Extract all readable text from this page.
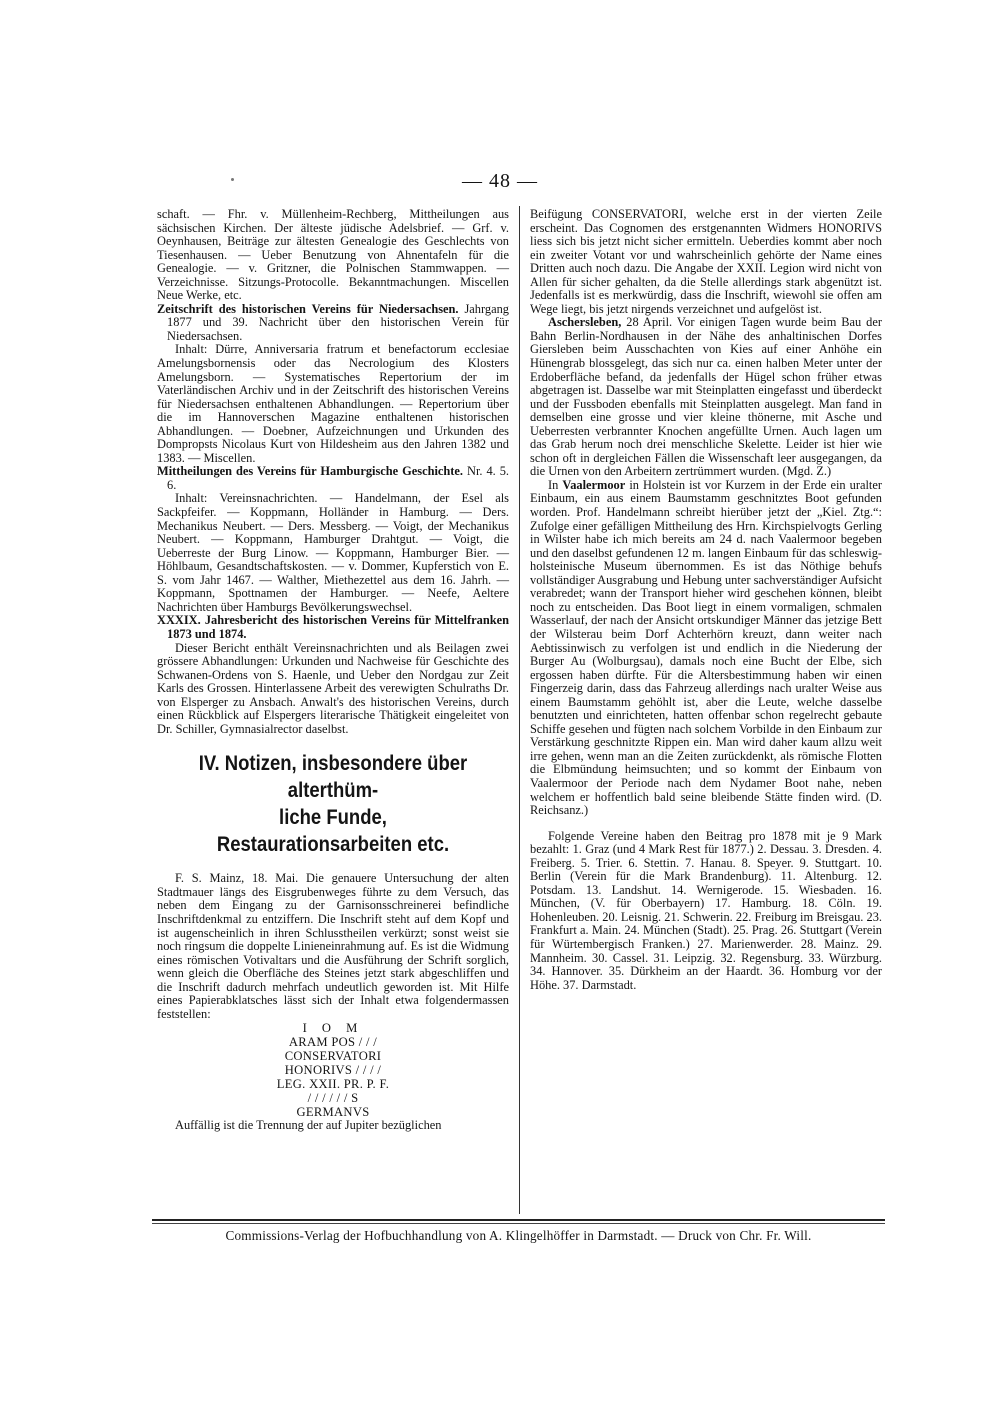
— 48 —

schaft. — Fhr. v. Müllenheim-Rechberg, Mittheilungen aus sächsischen Kirchen. Der älteste jüdische Adelsbrief. — Grf. v. Oeynhausen, Beiträge zur ältesten Genealogie des Geschlechts von Tiesenhausen. — Ueber Benutzung von Ahnentafeln für die Genealogie. — v. Gritzner, die Polnischen Stammwappen. — Verzeichnisse. Sitzungs-Protocolle. Bekanntmachungen. Miscellen Neue Werke, etc.

Zeitschrift des historischen Vereins für Niedersachsen. Jahrgang 1877 und 39. Nachricht über den historischen Verein für Niedersachsen.

Inhalt: Dürre, Anniversaria fratrum et benefactorum ecclesiae Amelungsbornensis oder das Necrologium des Klosters Amelungsborn. — Systematisches Repertorium der im Vaterländischen Archiv und in der Zeitschrift des historischen Vereins für Niedersachsen enthaltenen Abhandlungen. — Repertorium über die im Hannoverschen Magazine enthaltenen historischen Abhandlungen. — Doebner, Aufzeichnungen und Urkunden des Dompropsts Nicolaus Kurt von Hildesheim aus den Jahren 1382 und 1383. — Miscellen.

Mittheilungen des Vereins für Hamburgische Geschichte. Nr. 4. 5. 6.

Inhalt: Vereinsnachrichten. — Handelmann, der Esel als Sackpfeifer. — Koppmann, Holländer in Hamburg. — Ders. Mechanikus Neubert. — Ders. Messberg. — Voigt, der Mechanikus Neubert. — Koppmann, Hamburger Drahtgut. — Voigt, die Ueberreste der Burg Linow. — Koppmann, Hamburger Bier. — Höhlbaum, Gesandtschaftskosten. — v. Dommer, Kupferstich von E. S. vom Jahr 1467. — Walther, Miethezettel aus dem 16. Jahrh. — Koppmann, Spottnamen der Hamburger. — Neefe, Aeltere Nachrichten über Hamburgs Bevölkerungswechsel.

XXXIX. Jahresbericht des historischen Vereins für Mittelfranken 1873 und 1874.

Dieser Bericht enthält Vereinsnachrichten und als Beilagen zwei grössere Abhandlungen: Urkunden und Nachweise für Geschichte des Schwanen-Ordens von S. Haenle, und Ueber den Nordgau zur Zeit Karls des Grossen. Hinterlassene Arbeit des verewigten Schulraths Dr. von Elsperger zu Ansbach. Anwalt's des historischen Vereins, durch einen Rückblick auf Elspergers literarische Thätigkeit eingeleitet von Dr. Schiller, Gymnasialrector daselbst.

IV. Notizen, insbesondere über alterthüm-
liche Funde, Restaurationsarbeiten etc.

F. S. Mainz, 18. Mai. Die genauere Untersuchung der alten Stadtmauer längs des Eisgrubenweges führte zu dem Versuch, das neben dem Eingang zu der Garnisonsschreinerei befindliche Inschriftdenkmal zu entziffern. Die Inschrift steht auf dem Kopf und ist augenscheinlich in ihren Schlusstheilen verkürzt; sonst weist sie noch ringsum die doppelte Linieneinrahmung auf. Es ist die Widmung eines römischen Votivaltars und die Ausführung der Schrift sorglich, wenn gleich die Oberfläche des Steines jetzt stark abgeschliffen und die Inschrift dadurch mehrfach undeutlich geworden ist. Mit Hilfe eines Papierabklatsches lässt sich der Inhalt etwa folgendermassen feststellen:

I O M
ARAM POS / / /
CONSERVATORI
HONORIVS / / / /
LEG. XXII. PR. P. F.
/ / / / / / S
GERMANVS

Auffällig ist die Trennung der auf Jupiter bezüglichen

Beifügung CONSERVATORI, welche erst in der vierten Zeile erscheint. Das Cognomen des erstgenannten Widmers HONORIVS liess sich bis jetzt nicht sicher ermitteln. Ueberdies kommt aber noch ein zweiter Votant vor und wahrscheinlich gehörte der Name eines Dritten auch noch dazu. Die Angabe der XXII. Legion wird nicht von Allen für sicher gehalten, da die Stelle allerdings stark abgenützt ist. Jedenfalls ist es merkwürdig, dass die Inschrift, wiewohl sie offen am Wege liegt, bis jetzt nirgends verzeichnet und aufgelöst ist.

Aschersleben, 28 April. Vor einigen Tagen wurde beim Bau der Bahn Berlin-Nordhausen in der Nähe des anhaltinischen Dorfes Giersleben beim Ausschachten von Kies auf einer Anhöhe ein Hünengrab blossgelegt, das sich nur ca. einen halben Meter unter der Erdoberfläche befand, da jedenfalls der Hügel schon früher etwas abgetragen ist. Dasselbe war mit Steinplatten eingefasst und überdeckt und der Fussboden ebenfalls mit Steinplatten ausgelegt. Man fand in demselben eine grosse und vier kleine thönerne, mit Asche und Ueberresten verbrannter Knochen angefüllte Urnen. Auch lagen um das Grab herum noch drei menschliche Skelette. Leider ist hier wie schon oft in dergleichen Fällen die Wissenschaft leer ausgegangen, da die Urnen von den Arbeitern zertrümmert wurden. (Mgd. Z.)

In Vaalermoor in Holstein ist vor Kurzem in der Erde ein uralter Einbaum, ein aus einem Baumstamm geschnitztes Boot gefunden worden. Prof. Handelmann schreibt hierüber jetzt der „Kiel. Ztg.“: Zufolge einer gefälligen Mittheilung des Hrn. Kirchspielvogts Gerling in Wilster habe ich mich bereits am 24 d. nach Vaalermoor begeben und den daselbst gefundenen 12 m. langen Einbaum für das schleswig-holsteinische Museum übernommen. Es ist das Nöthige behufs vollständiger Ausgrabung und Hebung unter sachverständiger Aufsicht verabredet; wann der Transport hieher wird geschehen können, bleibt noch zu entscheiden. Das Boot liegt in einem vormaligen, schmalen Wasserlauf, der nach der Ansicht ortskundiger Männer das jetzige Bett der Wilsterau beim Dorf Achterhörn kreuzt, dann weiter nach Aebtissinwisch zu verfolgen ist und endlich in die Niederung der Burger Au (Wolburgsau), damals noch eine Bucht der Elbe, sich ergossen haben dürfte. Für die Altersbestimmung haben wir einen Fingerzeig darin, dass das Fahrzeug allerdings nach uralter Weise aus einem Baumstamm gehöhlt ist, aber die Leute, welche dasselbe benutzten und einrichteten, hatten offenbar schon regelrecht gebaute Schiffe gesehen und fügten nach solchem Vorbilde in den Einbaum zur Verstärkung geschnitzte Rippen ein. Man wird daher kaum allzu weit irre gehen, wenn man an die Zeiten zurückdenkt, als römische Flotten die Elbmündung heimsuchten; und so kommt der Einbaum von Vaalermoor der Periode nach dem Nydamer Boot nahe, neben welchem er hoffentlich bald seine bleibende Stätte finden wird. (D. Reichsanz.)

Folgende Vereine haben den Beitrag pro 1878 mit je 9 Mark bezahlt: 1. Graz (und 4 Mark Rest für 1877.) 2. Dessau. 3. Dresden. 4. Freiberg. 5. Trier. 6. Stettin. 7. Hanau. 8. Speyer. 9. Stuttgart. 10. Berlin (Verein für die Mark Brandenburg). 11. Altenburg. 12. Potsdam. 13. Landshut. 14. Wernigerode. 15. Wiesbaden. 16. München, (V. für Oberbayern) 17. Hamburg. 18. Cöln. 19. Hohenleuben. 20. Leisnig. 21. Schwerin. 22. Freiburg im Breisgau. 23. Frankfurt a. Main. 24. München (Stadt). 25. Prag. 26. Stuttgart (Verein für Würtembergisch Franken.) 27. Marienwerder. 28. Mainz. 29. Mannheim. 30. Cassel. 31. Leipzig. 32. Regensburg. 33. Würzburg. 34. Hannover. 35. Dürkheim an der Haardt. 36. Homburg vor der Höhe. 37. Darmstadt.

Commissions-Verlag der Hofbuchhandlung von A. Klingelhöffer in Darmstadt. — Druck von Chr. Fr. Will.
